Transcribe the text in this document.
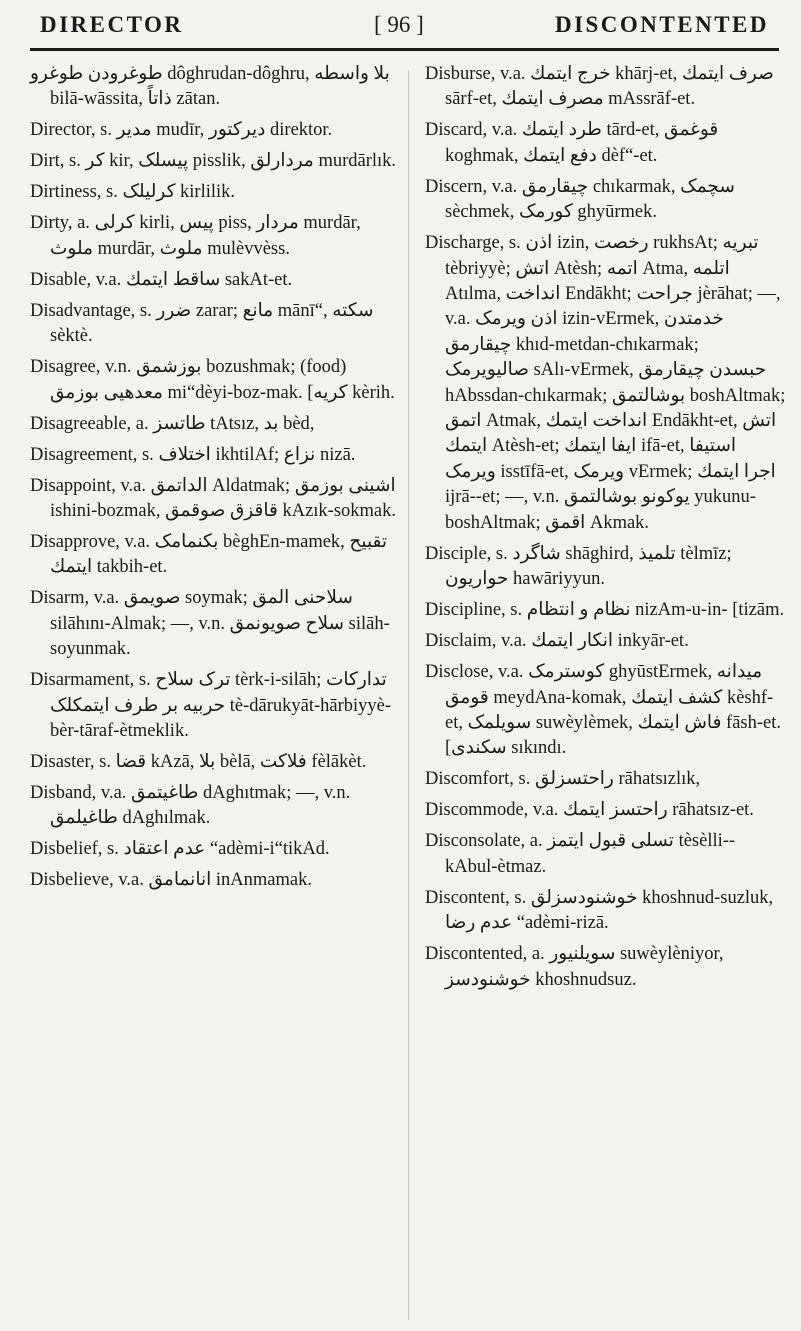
DIRECTOR	[ 96 ]	DISCONTENTED
طوغرودن طوغرو dôghrudan-dôghru, بلا واسطه bilā-wāssita, ذاتاً zātan.
Director, s. مدیر mudīr, دیرکتور direktor.
Dirt, s. کر kir, پیسلک pisslik, مردارلق murdārlık.
Dirtiness, s. کرلیلک kirlilik.
Dirty, a. کرلی kirli, پیس piss, مردار murdār, ملوث murdār, ملوث mulèvvèss.
Disable, v.a. ساقط ايتمك sakAt-et.
Disadvantage, s. ضرر zarar; مانع mānī“, سكته sèktè.
Disagree, v.n. بوزشمق bozushmak; (food) معدهیی بوزمق mi“dèyi-boz-mak. [کریه kèrih.
Disagreeable, a. طاتسز tAtsız, بد bèd,
Disagreement, s. اختلاف ikhtilAf; نزاع nizā.
Disappoint, v.a. الداتمق Aldatmak; اشینی بوزمق ishini-bozmak, قاقزق صوقمق kAzık-sokmak.
Disapprove, v.a. بکنمامک bèghEn-mamek, تقبیح ايتمك takbih-et.
Disarm, v.a. صويمق soymak; سلاحنی المق silāhını-Almak; —, v.n. سلاح صويونمق silāh-soyunmak.
Disarmament, s. ترک سلاح tèrk-i-silāh; تدارکات حربیه بر طرف ايتمکلک tè-dārukyāt-hārbiyyè-bèr-tāraf-ètmeklik.
Disaster, s. قضا kAzā, بلا bèlā, فلاکت fèlākèt.
Disband, v.a. طاغیتمق dAghıtmak; —, v.n. طاغیلمق dAghılmak.
Disbelief, s. عدم اعتقاد “adèmi-i“tikAd.
Disbelieve, v.a. انانمامق inAnmamak.
Disburse, v.a. خرج ايتمك khārj-et, صرف ايتمك sārf-et, مصرف ايتمك mAssrāf-et.
Discard, v.a. طرد ايتمك tārd-et, قوغمق koghmak, دفع ايتمك dèf“-et.
Discern, v.a. چیقارمق chıkarmak, سچمک sèchmek, کورمک ghyūrmek.
Discharge, s. اذن izin, رخصت rukhsAt; تبریه tèbriyyè; اتش Atèsh; اتمه Atma, اتلمه Atılma, انداخت Endākht; جراحت jèrāhat; —, v.a. اذن ويرمک izin-vErmek, خدمتدن چیقارمق khıd-metdan-chıkarmak; صالیويرمک sAlı-vErmek, حبسدن چیقارمق hAbssdan-chıkarmak; بوشالتمق boshAltmak; اتمق Atmak, انداخت ايتمك Endākht-et, اتش ايتمك Atèsh-et; ايفا ايتمك ifā-et, استيفا ويرمک isstīfā-et, ويرمک vErmek; اجرا ايتمك ijrā--et; —, v.n. يوکونو بوشالتمق yukunu-boshAltmak; اقمق Akmak.
Disciple, s. شاگرد shāghird, تلميذ tèlmīz; حواريون hawāriyyun.
Discipline, s. نظام و انتظام nizAm-u-in- [tizām.
Disclaim, v.a. انکار ايتمك inkyār-et.
Disclose, v.a. کوسترمک ghyūstErmek, میدانه قومق meydAna-komak, کشف ايتمك kèshf-et, سويلمک suwèylèmek, فاش ايتمك fāsh-et. [سکندی sıkındı.
Discomfort, s. راحتسزلق rāhatsızlık,
Discommode, v.a. راحتسز ايتمك rāhatsız-et.
Disconsolate, a. تسلی قبول ايتمز tèsèlli--kAbul-ètmaz.
Discontent, s. خوشنودسزلق khoshnud-suzluk, عدم رضا “adèmi-rizā.
Discontented, a. سويلنیور suwèylèniyor, خوشنودسز khoshnudsuz.
